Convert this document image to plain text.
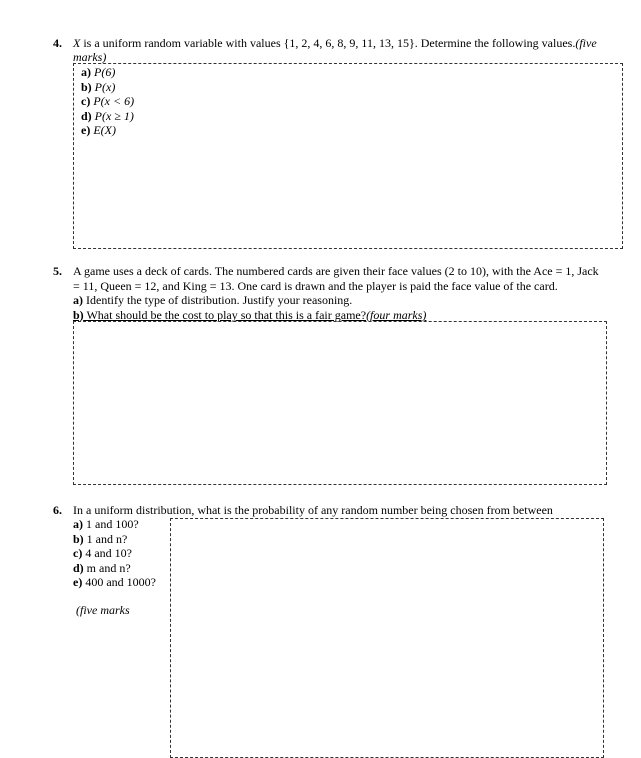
4. X is a uniform random variable with values {1, 2, 4, 6, 8, 9, 11, 13, 15}. Determine the following values.(five
marks)
a) P(6)
b) P(x)
c) P(x < 6)
d) P(x ≥ 1)
e) E(X)
5. A game uses a deck of cards. The numbered cards are given their face values (2 to 10), with the Ace = 1, Jack
= 11, Queen = 12, and King = 13. One card is drawn and the player is paid the face value of the card.
a) Identify the type of distribution. Justify your reasoning.
b) What should be the cost to play so that this is a fair game?(four marks)
6. In a uniform distribution, what is the probability of any random number being chosen from between
a) 1 and 100?
b) 1 and n?
c) 4 and 10?
d) m and n?
e) 400 and 1000?
(five marks
